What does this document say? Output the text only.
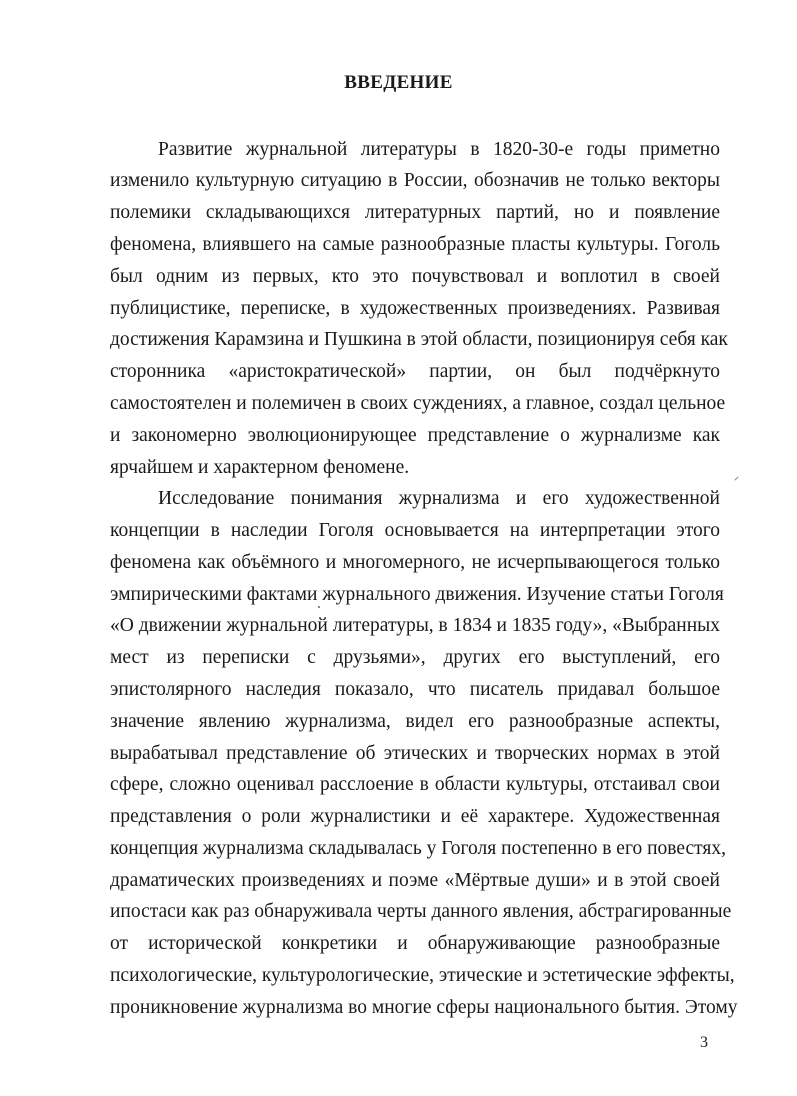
ВВЕДЕНИЕ
Развитие журнальной литературы в 1820-30-е годы приметно
изменило культурную ситуацию в России, обозначив не только векторы
полемики складывающихся литературных партий, но и появление
феномена, влиявшего на самые разнообразные пласты культуры. Гоголь
был одним из первых, кто это почувствовал и воплотил в своей
публицистике, переписке, в художественных произведениях. Развивая
достижения Карамзина и Пушкина в этой области, позиционируя себя как
сторонника «аристократической» партии, он был подчёркнуто
самостоятелен и полемичен в своих суждениях, а главное, создал цельное
и закономерно эволюционирующее представление о журнализме как
ярчайшем и характерном феномене.
Исследование понимания журнализма и его художественной
концепции в наследии Гоголя основывается на интерпретации этого
феномена как объёмного и многомерного, не исчерпывающегося только
эмпирическими фактами журнального движения. Изучение статьи Гоголя
«О движении журнальной литературы, в 1834 и 1835 году», «Выбранных
мест из переписки с друзьями», других его выступлений, его
эпистолярного наследия показало, что писатель придавал большое
значение явлению журнализма, видел его разнообразные аспекты,
вырабатывал представление об этических и творческих нормах в этой
сфере, сложно оценивал расслоение в области культуры, отстаивал свои
представления о роли журналистики и её характере. Художественная
концепция журнализма складывалась у Гоголя постепенно в его повестях,
драматических произведениях и поэме «Мёртвые души» и в этой своей
ипостаси как раз обнаруживала черты данного явления, абстрагированные
от исторической конкретики и обнаруживающие разнообразные
психологические, культурологические, этические и эстетические эффекты,
проникновение журнализма во многие сферы национального бытия. Этому
3
